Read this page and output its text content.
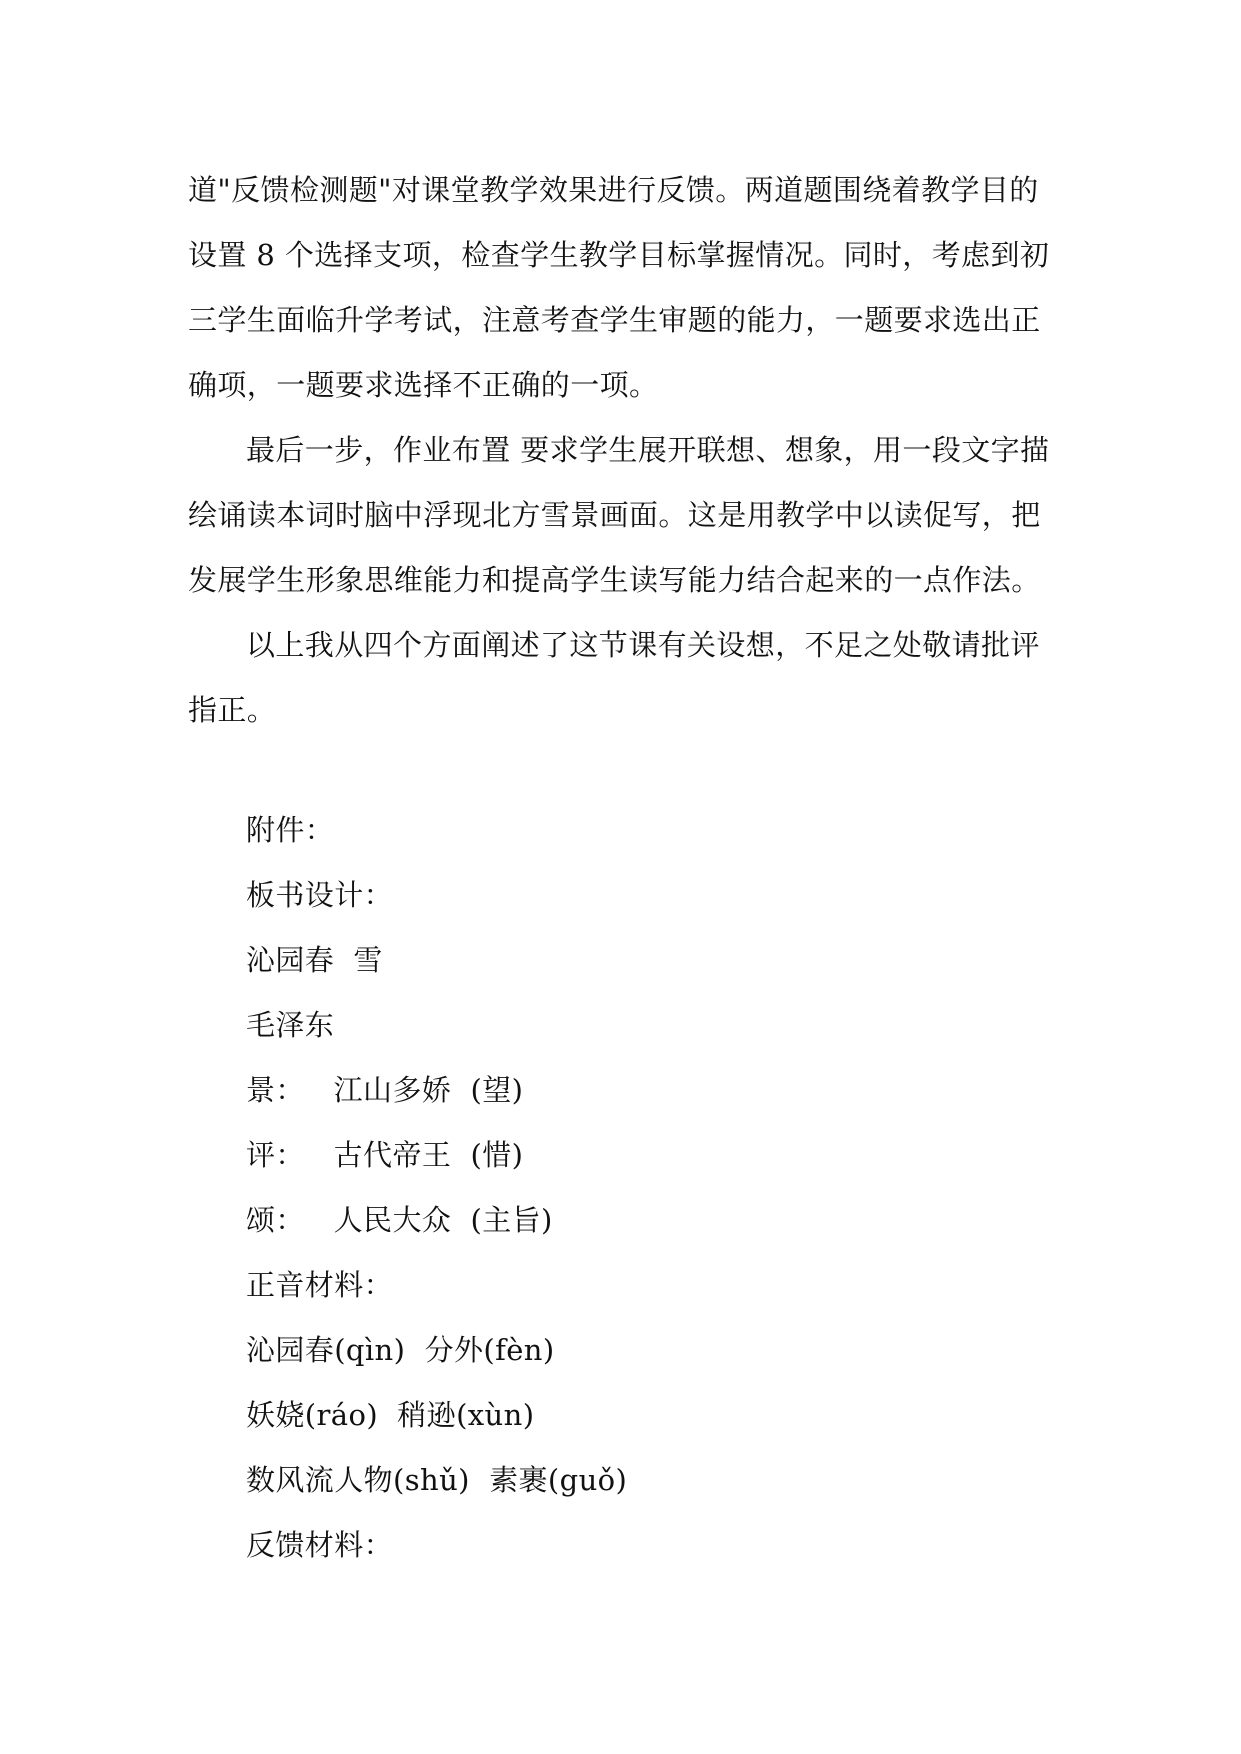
道"反馈检测题"对课堂教学效果进行反馈。两道题围绕着教学目的设置 8 个选择支项，检查学生教学目标掌握情况。同时，考虑到初三学生面临升学考试，注意考查学生审题的能力，一题要求选出正确项，一题要求选择不正确的一项。

最后一步，作业布置 要求学生展开联想、想象，用一段文字描绘诵读本词时脑中浮现北方雪景画面。这是用教学中以读促写，把发展学生形象思维能力和提高学生读写能力结合起来的一点作法。

以上我从四个方面阐述了这节课有关设想，不足之处敬请批评指正。

附件：

板书设计：

沁园春  雪

毛泽东

景：   江山多娇  (望)

评：   古代帝王  (惜)

颂：   人民大众  (主旨)

正音材料：

沁园春(qìn)  分外(fèn)

妖娆(ráo)  稍逊(xùn)

数风流人物(shǔ)  素裹(guǒ)

反馈材料：
